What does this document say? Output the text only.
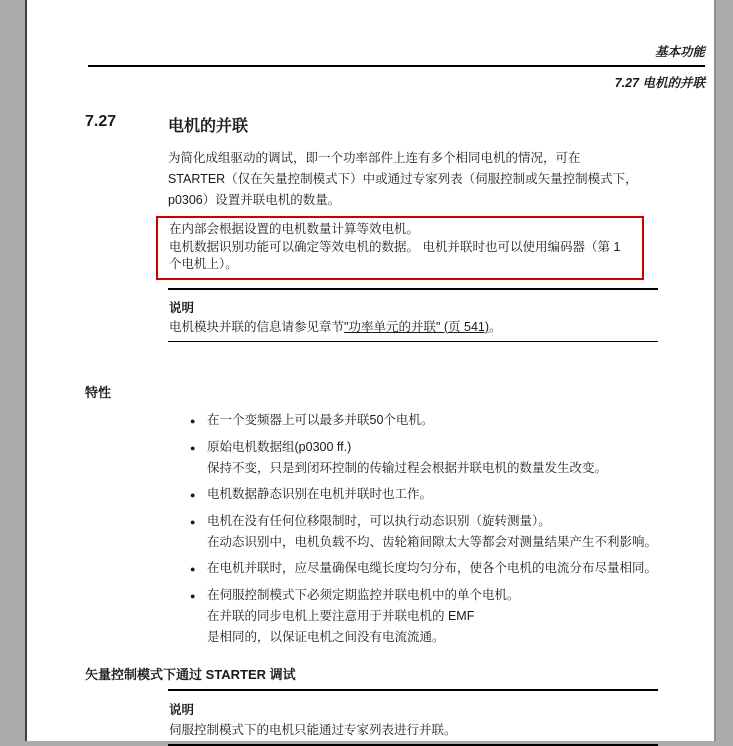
基本功能
7.27 电机的并联
7.27	电机的并联
为简化成组驱动的调试，即一个功率部件上连有多个相同电机的情况，可在
STARTER（仅在矢量控制模式下）中或通过专家列表（伺服控制或矢量控制模式下，
p0306）设置并联电机的数量。
在内部会根据设置的电机数量计算等效电机。
电机数据识别功能可以确定等效电机的数据。 电机并联时也可以使用编码器（第 1
个电机上）。
说明
电机模块并联的信息请参见章节"功率单元的并联" (页 541)。
特性
● 在一个变频器上可以最多并联50个电机。
● 原始电机数据组(p0300 ff.)
保持不变，只是到闭环控制的传输过程会根据并联电机的数量发生改变。
● 电机数据静态识别在电机并联时也工作。
● 电机在没有任何位移限制时，可以执行动态识别（旋转测量）。
在动态识别中，电机负载不均、齿轮箱间隙太大等都会对测量结果产生不利影响。
● 在电机并联时，应尽量确保电缆长度均匀分布，使各个电机的电流分布尽量相同。
● 在伺服控制模式下必须定期监控并联电机中的单个电机。
在并联的同步电机上要注意用于并联电机的 EMF
是相同的，以保证电机之间没有电流流通。
矢量控制模式下通过 STARTER 调试
说明
伺服控制模式下的电机只能通过专家列表进行并联。
